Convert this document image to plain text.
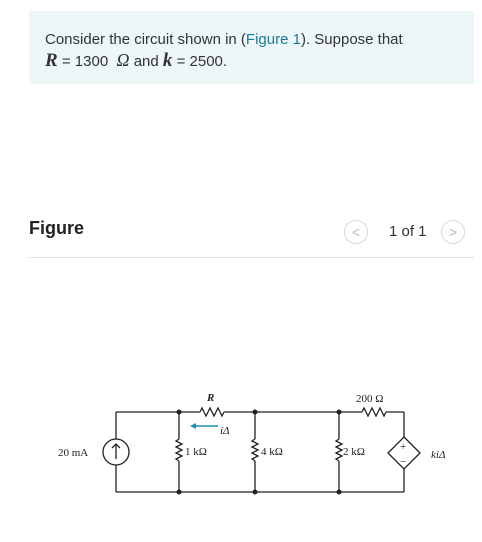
Consider the circuit shown in (Figure 1). Suppose that
R = 1300 Ω and k = 2500.
Figure	< 1 of 1 >
20 mA
R
iΔ
1 kΩ	4 kΩ
200 Ω
2 kΩ	+
−
kiΔ
